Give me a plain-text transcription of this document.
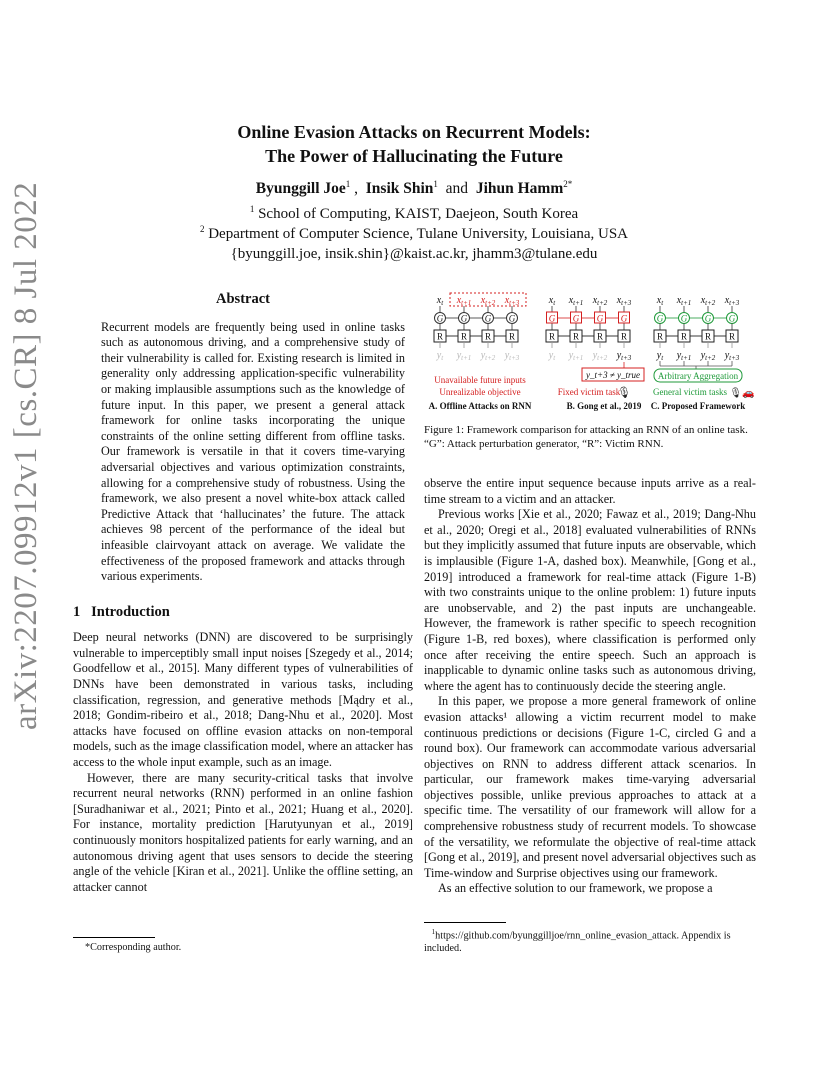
Online Evasion Attacks on Recurrent Models:
The Power of Hallucinating the Future
Byunggill Joe$^1$ ,  Insik Shin$^1$ and Jihun Hamm$^{2*}$
$^1$ School of Computing, KAIST, Daejeon, South Korea
$^2$ Department of Computer Science, Tulane University, Louisiana, USA
{byunggill.joe, insik.shin}@kaist.ac.kr, jhamm3@tulane.edu
arXiv:2207.09912v1 [cs.CR] 8 Jul 2022	Abstract

Recurrent models are frequently being used in online tasks such as autonomous driving, and a comprehensive study of their vulnerability is called for. Existing research is limited in generality only addressing application-specific vulnerability or making implausible assumptions such as the knowledge of future input. In this paper, we present a general attack framework for online tasks incorporating the unique constraints of the online setting different from offline tasks. Our framework is versatile in that it covers time-varying adversarial objectives and various optimization constraints, allowing for a comprehensive study of robustness. Using the framework, we also present a novel white-box attack called Predictive Attack that ‘hallucinates’ the future. The attack achieves 98 percent of the performance of the ideal but infeasible clairvoyant attack on average. We validate the effectiveness of the proposed framework and attacks through various experiments.

1 Introduction

Deep neural networks (DNN) are discovered to be surprisingly vulnerable to imperceptibly small input noises [Szegedy et al., 2014; Goodfellow et al., 2015]. Many different types of vulnerabilities of DNNs have been demonstrated in various tasks, including classification, regression, and generative methods [Mądry et al., 2018; Gondim-ribeiro et al., 2018; Dang-Nhu et al., 2020]. Most attacks have focused on offline evasion attacks on non-temporal models, such as the image classification model, where an attacker has access to the whole input example, such as an image.

However, there are many security-critical tasks that involve recurrent neural networks (RNN) performed in an online fashion [Suradhaniwar et al., 2021; Pinto et al., 2021; Huang et al., 2020]. For instance, mortality prediction [Harutyunyan et al., 2019] continuously monitors hospitalized patients for early warning, and an autonomous driving agent that uses sensors to decide the steering angle of the vehicle [Kiran et al., 2021]. Unlike the offline setting, an attacker cannot

*Corresponding author.
$x_t$ $x_{t+1}$ $x_{t+2}$ $x_{t+3}$
G
R
$y_t$
G
R
$y_{t+1}$
G
R
$y_{t+2}$
G
R
$y_{t+3}$
$x_t$ $x_{t+1}$ $x_{t+2}$ $x_{t+3}$
G
R
$y_t$
G
R
$y_{t+1}$
G
R
$y_{t+2}$
G
R
$y_{t+3}$
$x_t$ $x_{t+1}$ $x_{t+2}$ $x_{t+3}$
G
R
$y_t$
G
R
$y_{t+1}$
G
R
$y_{t+2}$
G
R
$y_{t+3}$
Unavailable future inputs
Unrealizable objective
A. Offline Attacks on RNN
y_t+3 ≠ y_true
Fixed victim task
🎙
B. Gong et al., 2019
Arbitrary Aggregation
General victim tasks 🎙🚗
C. Proposed Framework
Figure 1: Framework comparison for attacking an RNN of an online task. “G”: Attack perturbation generator, “R”: Victim RNN.

observe the entire input sequence because inputs arrive as a real-time stream to a victim and an attacker.

Previous works [Xie et al., 2020; Fawaz et al., 2019; Dang-Nhu et al., 2020; Oregi et al., 2018] evaluated vulnerabilities of RNNs but they implicitly assumed that future inputs are observable, which is implausible (Figure 1-A, dashed box). Meanwhile, [Gong et al., 2019] introduced a framework for real-time attack (Figure 1-B) with two constraints unique to the online problem: 1) future inputs are unobservable, and 2) the past inputs are unchangeable. However, the framework is rather specific to speech recognition (Figure 1-B, red boxes), where classification is performed only once after receiving the entire speech. Such an approach is inapplicable to dynamic online tasks such as autonomous driving, where the agent has to continuously decide the steering angle.

In this paper, we propose a more general framework of online evasion attacks¹ allowing a victim recurrent model to make continuous predictions or decisions (Figure 1-C, circled G and a round box). Our framework can accommodate various adversarial objectives on RNN to address different attack scenarios. In particular, our framework makes time-varying adversarial objectives possible, unlike previous approaches to attack at a specific time. The versatility of our framework will allow for a comprehensive robustness study of recurrent models. To showcase of the versatility, we reformulate the objective of real-time attack [Gong et al., 2019], and present novel adversarial objectives such as Time-window and Surprise objectives using our framework.

As an effective solution to our framework, we propose a

$^1$https://github.com/byunggilljoe/rnn_online_evasion_attack. Appendix is included.
